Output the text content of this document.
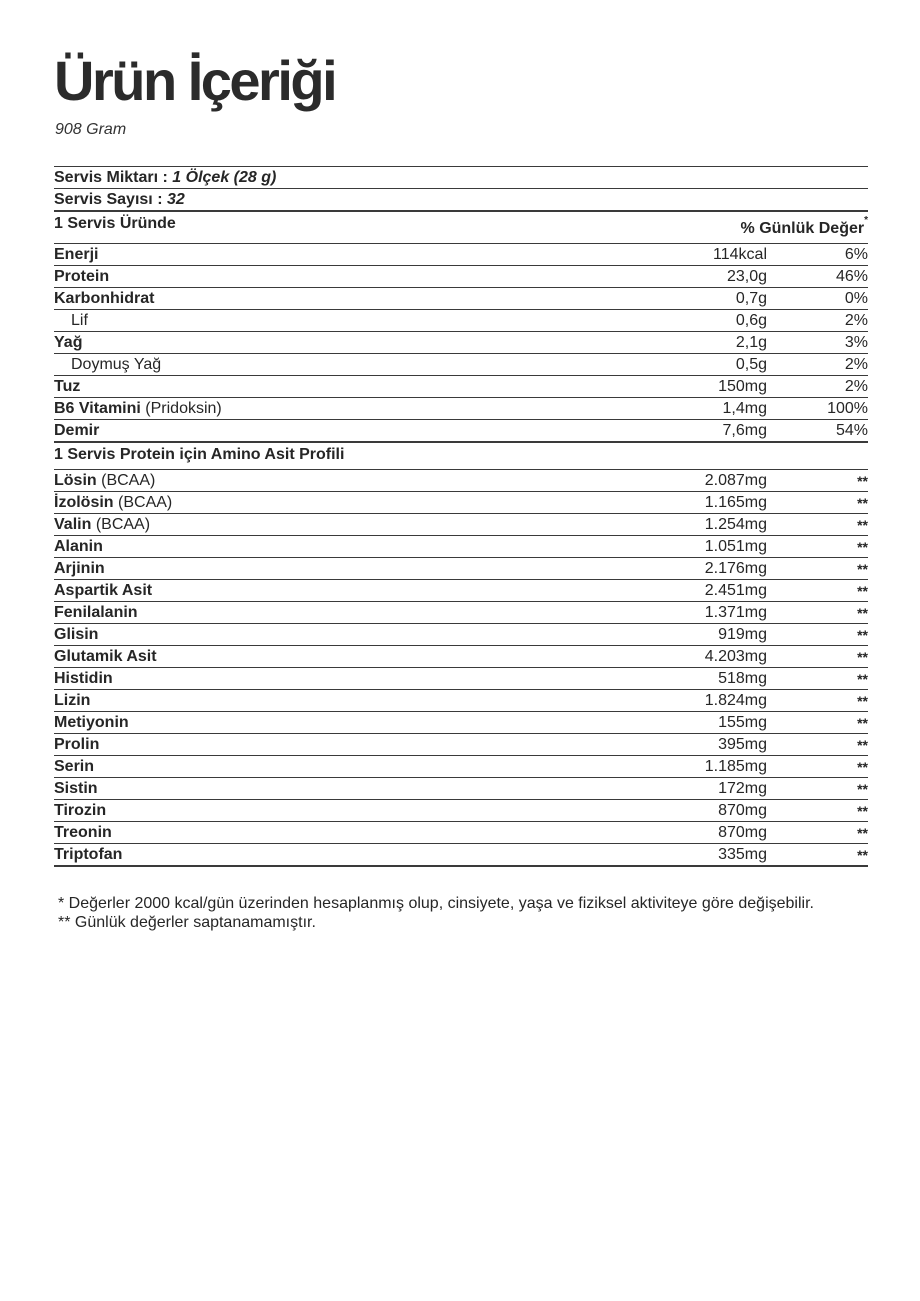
Ürün İçeriği
908 Gram
Servis Miktarı : 1 Ölçek (28 g)
Servis Sayısı : 32
1 Servis Üründe	% Günlük Değer*
Enerji	114kcal	6%
Protein	23,0g	46%
Karbonhidrat	0,7g	0%
Lif	0,6g	2%
Yağ	2,1g	3%
Doymuş Yağ	0,5g	2%
Tuz	150mg	2%
B6 Vitamini (Pridoksin)	1,4mg	100%
Demir	7,6mg	54%
1 Servis Protein için Amino Asit Profili
Lösin (BCAA)	2.087mg	**
İzolösin (BCAA)	1.165mg	**
Valin (BCAA)	1.254mg	**
Alanin	1.051mg	**
Arjinin	2.176mg	**
Aspartik Asit	2.451mg	**
Fenilalanin	1.371mg	**
Glisin	919mg	**
Glutamik Asit	4.203mg	**
Histidin	518mg	**
Lizin	1.824mg	**
Metiyonin	155mg	**
Prolin	395mg	**
Serin	1.185mg	**
Sistin	172mg	**
Tirozin	870mg	**
Treonin	870mg	**
Triptofan	335mg	**
* Değerler 2000 kcal/gün üzerinden hesaplanmış olup, cinsiyete, yaşa ve fiziksel aktiviteye göre değişebilir.
** Günlük değerler saptanamamıştır.
